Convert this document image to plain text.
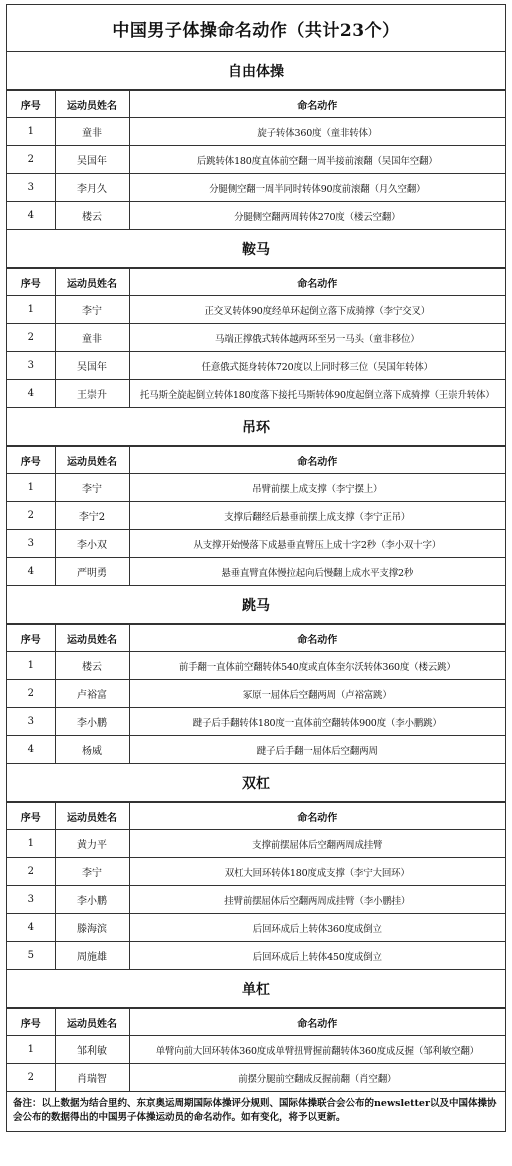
中国男子体操命名动作（共计23个）
自由体操
序号	运动员姓名	命名动作
1	童非	旋子转体360度（童非转体）
2	吴国年	后跳转体180度直体前空翻一周半接前滚翻（吴国年空翻）
3	李月久	分腿侧空翻一周半同时转体90度前滚翻（月久空翻）
4	楼云	分腿侧空翻两周转体270度（楼云空翻）
鞍马
序号	运动员姓名	命名动作
1	李宁	正交叉转体90度经单环起倒立落下成骑撑（李宁交叉）
2	童非	马端正撑俄式转体越两环至另一马头（童非移位）
3	吴国年	任意俄式挺身转体720度以上同时移三位（吴国年转体）
4	王崇升	托马斯全旋起倒立转体180度落下接托马斯转体90度起倒立落下成骑撑（王崇升转体）
吊环
序号	运动员姓名	命名动作
1	李宁	吊臂前摆上成支撑（李宁摆上）
2	李宁2	支撑后翻经后悬垂前摆上成支撑（李宁正吊）
3	李小双	从支撑开始慢落下成悬垂直臂压上成十字2秒（李小双十字）
4	严明勇	悬垂直臂直体慢拉起向后慢翻上成水平支撑2秒
跳马
序号	运动员姓名	命名动作
1	楼云	前手翻一直体前空翻转体540度或直体奎尔沃转体360度（楼云跳）
2	卢裕富	冢原一屈体后空翻两周（卢裕富跳）
3	李小鹏	踺子后手翻转体180度一直体前空翻转体900度（李小鹏跳）
4	杨威	踺子后手翻一屈体后空翻两周
双杠
序号	运动员姓名	命名动作
1	黄力平	支撑前摆屈体后空翻两周成挂臂
2	李宁	双杠大回环转体180度成支撑（李宁大回环）
3	李小鹏	挂臂前摆屈体后空翻两周成挂臂（李小鹏挂）
4	滕海滨	后回环成后上转体360度成倒立
5	周施雄	后回环成后上转体450度成倒立
单杠
序号	运动员姓名	命名动作
1	邹利敏	单臂向前大回环转体360度成单臂扭臂握前翻转体360度成反握（邹利敏空翻）
2	肖瑞智	前摆分腿前空翻成反握前翻（肖空翻）
备注：以上数据为结合里约、东京奥运周期国际体操评分规则、国际体操联合会公布的newsletter以及中国体操协会公布的数据得出的中国男子体操运动员的命名动作。如有变化，将予以更新。
